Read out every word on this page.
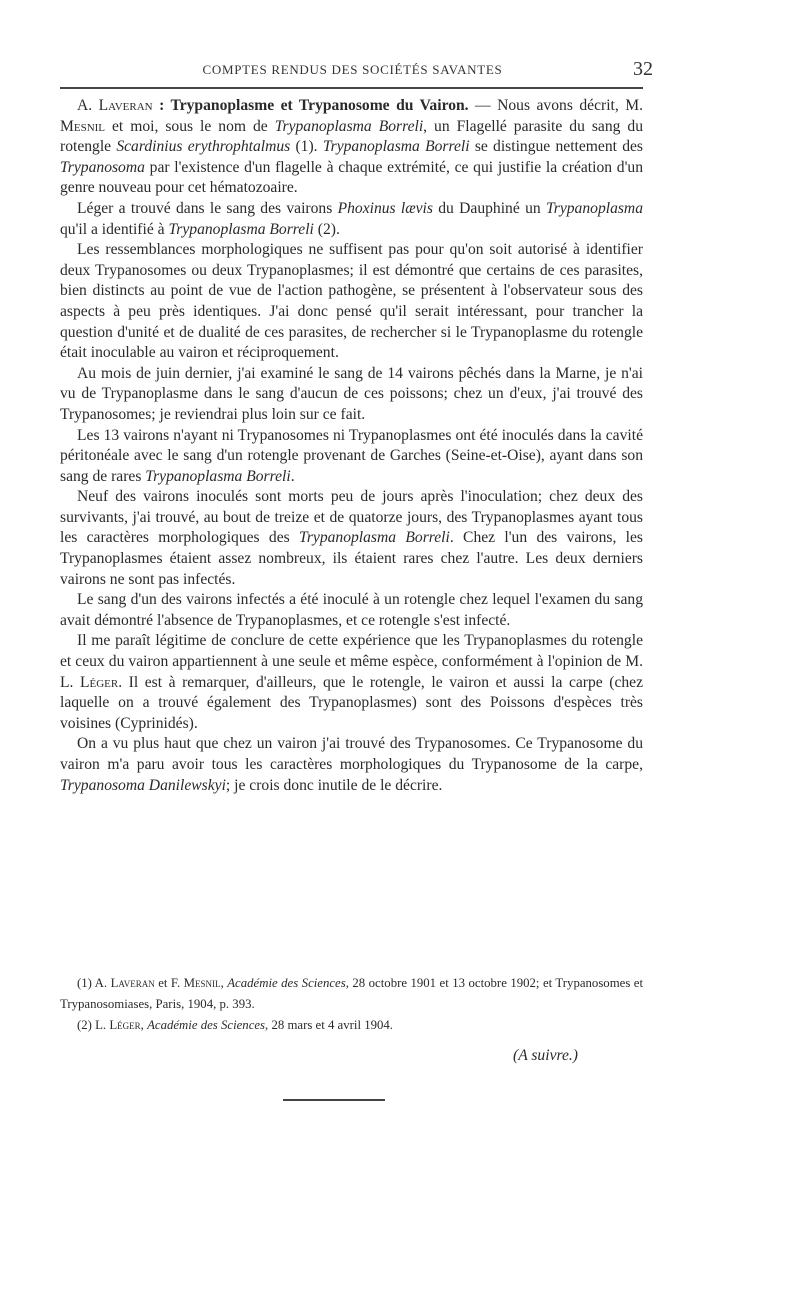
COMPTES RENDUS DES SOCIÉTÉS SAVANTES	32

A. Laveran : Trypanoplasme et Trypanosome du Vairon. — Nous avons décrit, M. Mesnil et moi, sous le nom de Trypanoplasma Borreli, un Flagellé parasite du sang du rotengle Scardinius erythrophtalmus (1). Trypanoplasma Borreli se distingue nettement des Trypanosoma par l'existence d'un flagelle à chaque extrémité, ce qui justifie la création d'un genre nouveau pour cet hématozoaire.

Léger a trouvé dans le sang des vairons Phoxinus lævis du Dauphiné un Trypanoplasma qu'il a identifié à Trypanoplasma Borreli (2).

Les ressemblances morphologiques ne suffisent pas pour qu'on soit autorisé à identifier deux Trypanosomes ou deux Trypanoplasmes; il est démontré que certains de ces parasites, bien distincts au point de vue de l'action pathogène, se présentent à l'observateur sous des aspects à peu près identiques. J'ai donc pensé qu'il serait intéressant, pour trancher la question d'unité et de dualité de ces parasites, de rechercher si le Trypanoplasme du rotengle était inoculable au vairon et réciproquement.

Au mois de juin dernier, j'ai examiné le sang de 14 vairons pêchés dans la Marne, je n'ai vu de Trypanoplasme dans le sang d'aucun de ces poissons; chez un d'eux, j'ai trouvé des Trypanosomes; je reviendrai plus loin sur ce fait.

Les 13 vairons n'ayant ni Trypanosomes ni Trypanoplasmes ont été inoculés dans la cavité péritonéale avec le sang d'un rotengle provenant de Garches (Seine-et-Oise), ayant dans son sang de rares Trypanoplasma Borreli.

Neuf des vairons inoculés sont morts peu de jours après l'inoculation; chez deux des survivants, j'ai trouvé, au bout de treize et de quatorze jours, des Trypanoplasmes ayant tous les caractères morphologiques des Trypanoplasma Borreli. Chez l'un des vairons, les Trypanoplasmes étaient assez nombreux, ils étaient rares chez l'autre. Les deux derniers vairons ne sont pas infectés.

Le sang d'un des vairons infectés a été inoculé à un rotengle chez lequel l'examen du sang avait démontré l'absence de Trypanoplasmes, et ce rotengle s'est infecté.

Il me paraît légitime de conclure de cette expérience que les Trypanoplasmes du rotengle et ceux du vairon appartiennent à une seule et même espèce, conformément à l'opinion de M. L. Léger. Il est à remarquer, d'ailleurs, que le rotengle, le vairon et aussi la carpe (chez laquelle on a trouvé également des Trypanoplasmes) sont des Poissons d'espèces très voisines (Cyprinidés).

On a vu plus haut que chez un vairon j'ai trouvé des Trypanosomes. Ce Trypanosome du vairon m'a paru avoir tous les caractères morphologiques du Trypanosome de la carpe, Trypanosoma Danilewskyi; je crois donc inutile de le décrire.

(1) A. Laveran et F. Mesnil, Académie des Sciences, 28 octobre 1901 et 13 octobre 1902; et Trypanosomes et Trypanosomiases, Paris, 1904, p. 393.

(2) L. Léger, Académie des Sciences, 28 mars et 4 avril 1904.

(A suivre.)
